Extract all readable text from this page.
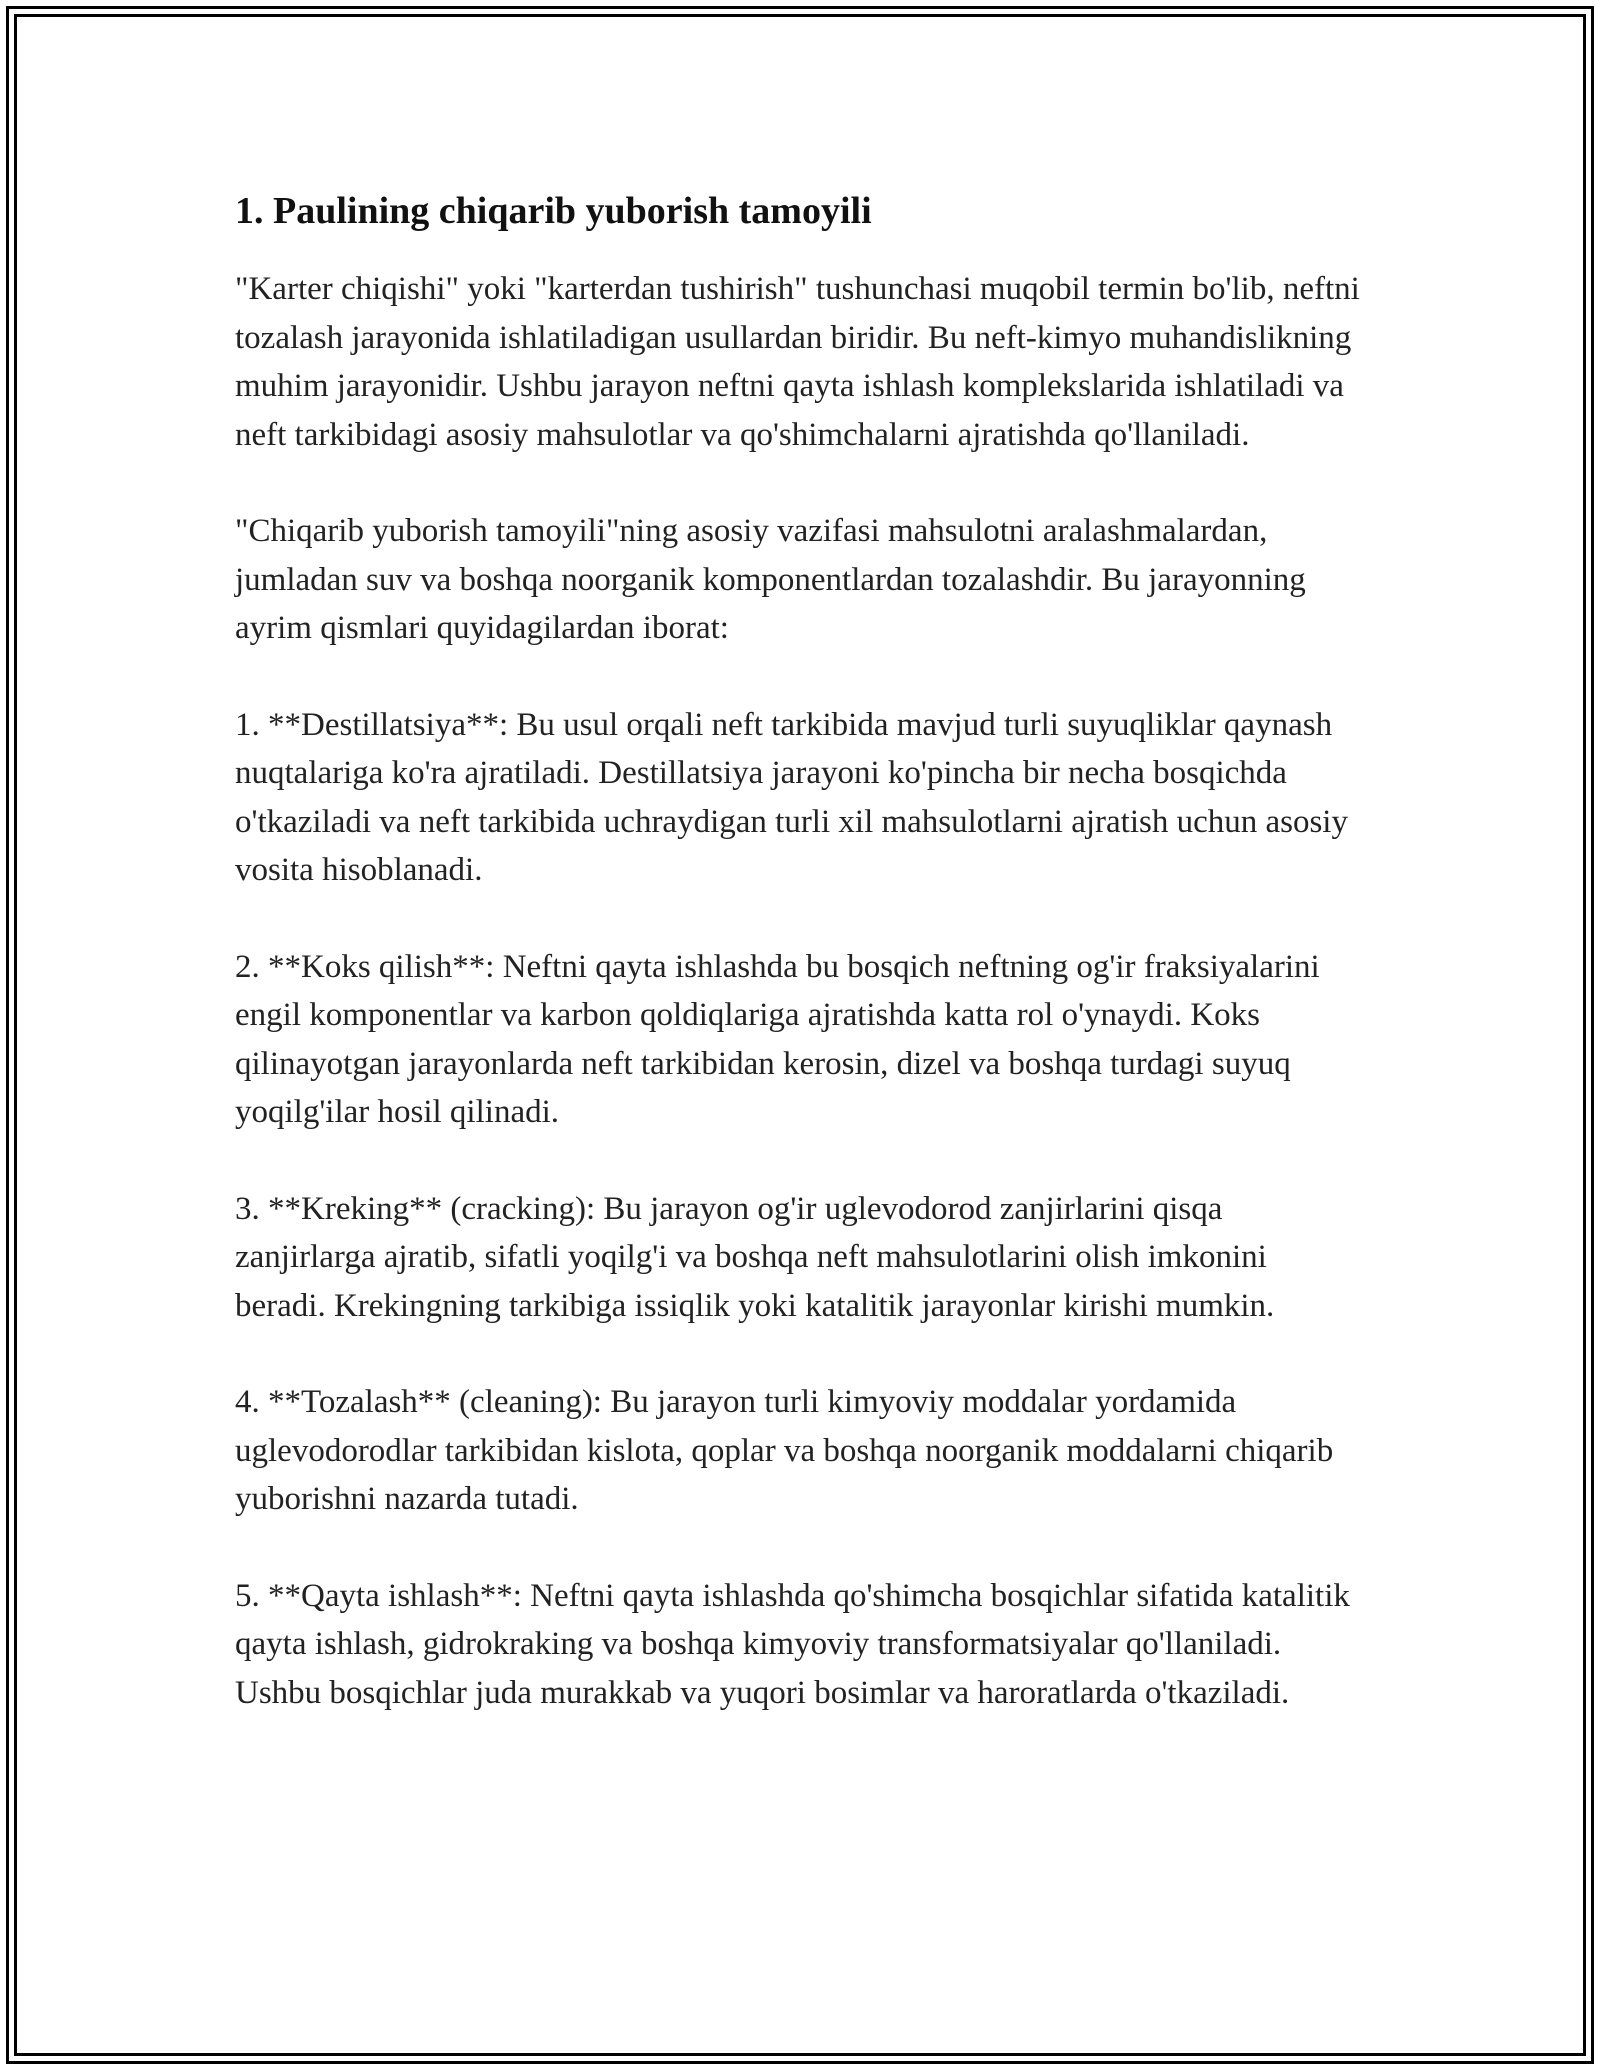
1. Paulining chiqarib yuborish tamoyili

"Karter chiqishi" yoki "karterdan tushirish" tushunchasi muqobil termin bo'lib, neftni tozalash jarayonida ishlatiladigan usullardan biridir. Bu neft-kimyo muhandislikning muhim jarayonidir. Ushbu jarayon neftni qayta ishlash komplekslarida ishlatiladi va neft tarkibidagi asosiy mahsulotlar va qo'shimchalarni ajratishda qo'llaniladi.

"Chiqarib yuborish tamoyili"ning asosiy vazifasi mahsulotni aralashmalardan, jumladan suv va boshqa noorganik komponentlardan tozalashdir. Bu jarayonning ayrim qismlari quyidagilardan iborat:

1. **Destillatsiya**: Bu usul orqali neft tarkibida mavjud turli suyuqliklar qaynash nuqtalariga ko'ra ajratiladi. Destillatsiya jarayoni ko'pincha bir necha bosqichda o'tkaziladi va neft tarkibida uchraydigan turli xil mahsulotlarni ajratish uchun asosiy vosita hisoblanadi.

2. **Koks qilish**: Neftni qayta ishlashda bu bosqich neftning og'ir fraksiyalarini engil komponentlar va karbon qoldiqlariga ajratishda katta rol o'ynaydi. Koks qilinayotgan jarayonlarda neft tarkibidan kerosin, dizel va boshqa turdagi suyuq yoqilg'ilar hosil qilinadi.

3. **Kreking** (cracking): Bu jarayon og'ir uglevodorod zanjirlarini qisqa zanjirlarga ajratib, sifatli yoqilg'i va boshqa neft mahsulotlarini olish imkonini beradi. Krekingning tarkibiga issiqlik yoki katalitik jarayonlar kirishi mumkin.

4. **Tozalash** (cleaning): Bu jarayon turli kimyoviy moddalar yordamida uglevodorodlar tarkibidan kislota, qoplar va boshqa noorganik moddalarni chiqarib yuborishni nazarda tutadi.

5. **Qayta ishlash**: Neftni qayta ishlashda qo'shimcha bosqichlar sifatida katalitik qayta ishlash, gidrokraking va boshqa kimyoviy transformatsiyalar qo'llaniladi. Ushbu bosqichlar juda murakkab va yuqori bosimlar va haroratlarda o'tkaziladi.
